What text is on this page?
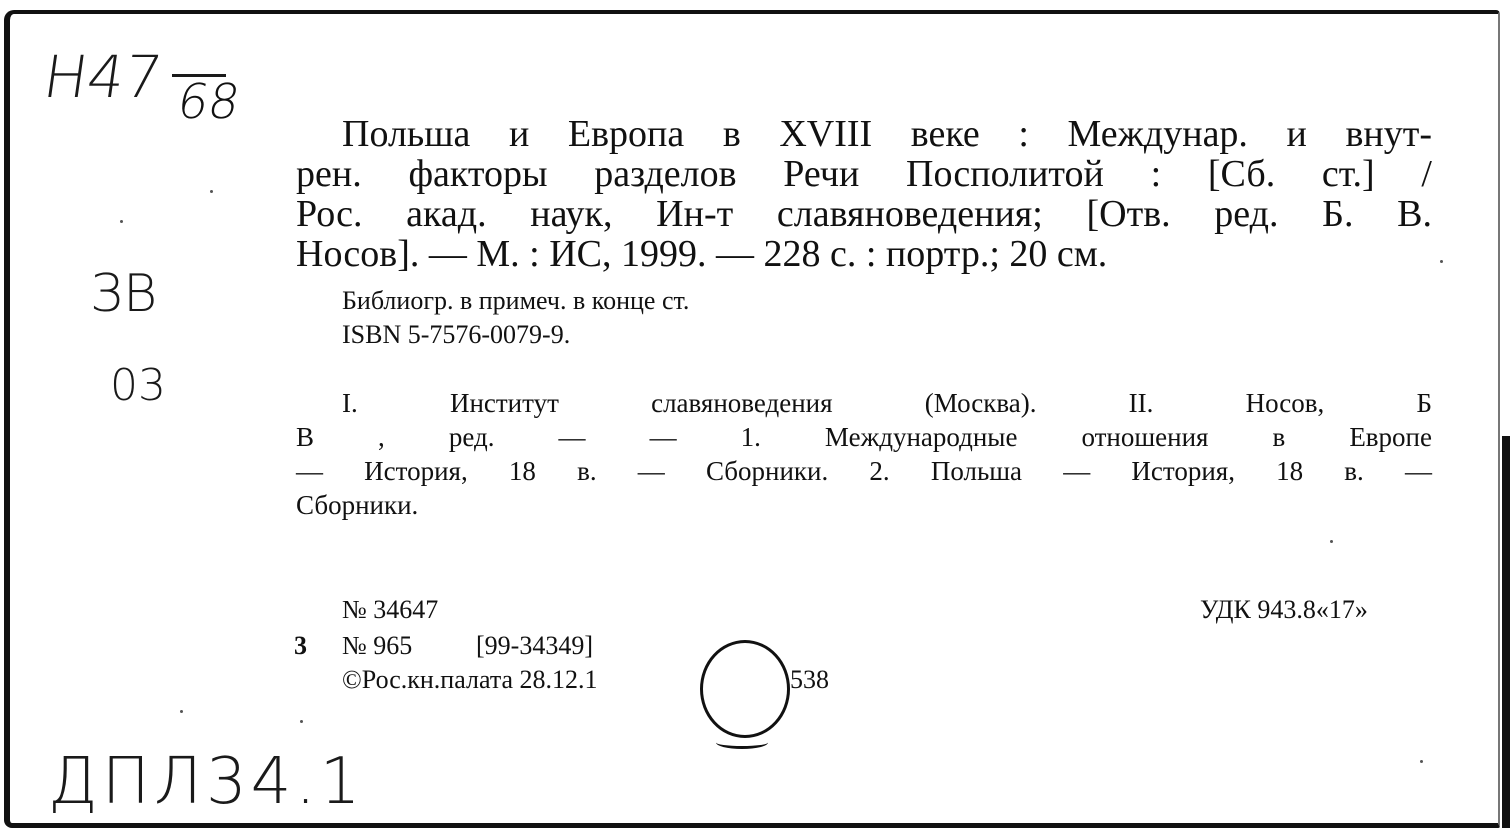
Н47 68
ЗВ
03
ДПЛ34.1
Польша и Европа в XVIII веке : Междунар. и внут-
рен. факторы разделов Речи Посполитой : [Сб. ст.] /
Рос. акад. наук, Ин-т славяноведения; [Отв. ред. Б. В.
Носов]. — М. : ИС, 1999. — 228 с. : портр.; 20 см.
Библиогр. в примеч. в конце ст.
ISBN 5-7576-0079-9.
I. Институт славяноведения (Москва). II. Носов, Б
В , ред. — — 1. Международные отношения в Европе
— История, 18 в. — Сборники. 2. Польша — История, 18 в. —
Сборники.
№ 34647
3 № 965 [99-34349]
©Рос.кн.палата 28.12.1	538
УДК 943.8«17»
